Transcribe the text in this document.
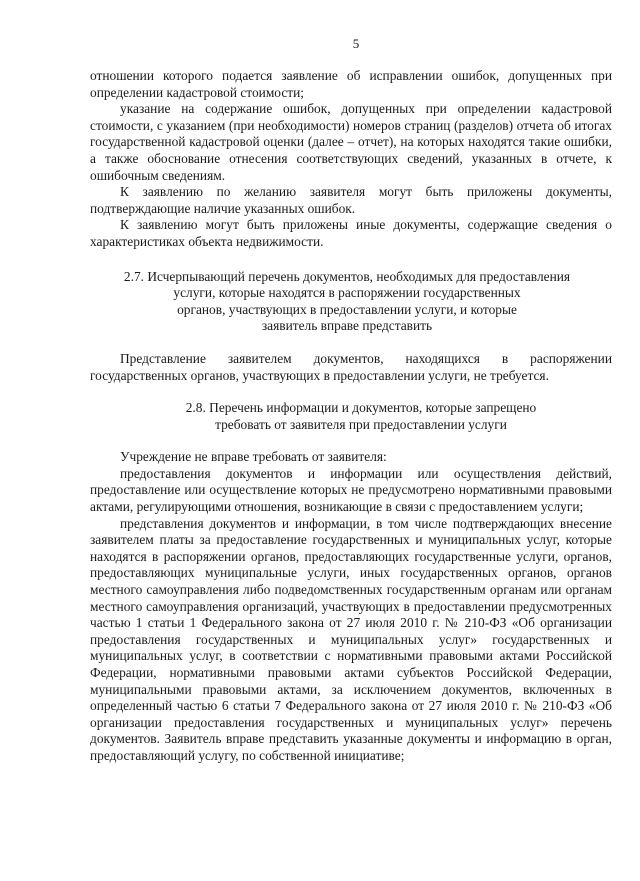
5

отношении которого подается заявление об исправлении ошибок, допущенных при определении кадастровой стоимости;

указание на содержание ошибок, допущенных при определении кадастровой стоимости, с указанием (при необходимости) номеров страниц (разделов) отчета об итогах государственной кадастровой оценки (далее – отчет), на которых находятся такие ошибки, а также обоснование отнесения соответствующих сведений, указанных в отчете, к ошибочным сведениям.

К заявлению по желанию заявителя могут быть приложены документы, подтверждающие наличие указанных ошибок.

К заявлению могут быть приложены иные документы, содержащие сведения о характеристиках объекта недвижимости.

2.7. Исчерпывающий перечень документов, необходимых для предоставления
услуги, которые находятся в распоряжении государственных
органов, участвующих в предоставлении услуги, и которые
заявитель вправе представить

Представление заявителем документов, находящихся в распоряжении государственных органов, участвующих в предоставлении услуги, не требуется.

2.8. Перечень информации и документов, которые запрещено
требовать от заявителя при предоставлении услуги

Учреждение не вправе требовать от заявителя:

предоставления документов и информации или осуществления действий, предоставление или осуществление которых не предусмотрено нормативными правовыми актами, регулирующими отношения, возникающие в связи с предоставлением услуги;

представления документов и информации, в том числе подтверждающих внесение заявителем платы за предоставление государственных и муниципальных услуг, которые находятся в распоряжении органов, предоставляющих государственные услуги, органов, предоставляющих муниципальные услуги, иных государственных органов, органов местного самоуправления либо подведомственных государственным органам или органам местного самоуправления организаций, участвующих в предоставлении предусмотренных частью 1 статьи 1 Федерального закона от 27 июля 2010 г. № 210-ФЗ «Об организации предоставления государственных и муниципальных услуг» государственных и муниципальных услуг, в соответствии с нормативными правовыми актами Российской Федерации, нормативными правовыми актами субъектов Российской Федерации, муниципальными правовыми актами, за исключением документов, включенных в определенный частью 6 статьи 7 Федерального закона от 27 июля 2010 г. № 210-ФЗ «Об организации предоставления государственных и муниципальных услуг» перечень документов. Заявитель вправе представить указанные документы и информацию в орган, предоставляющий услугу, по собственной инициативе;
